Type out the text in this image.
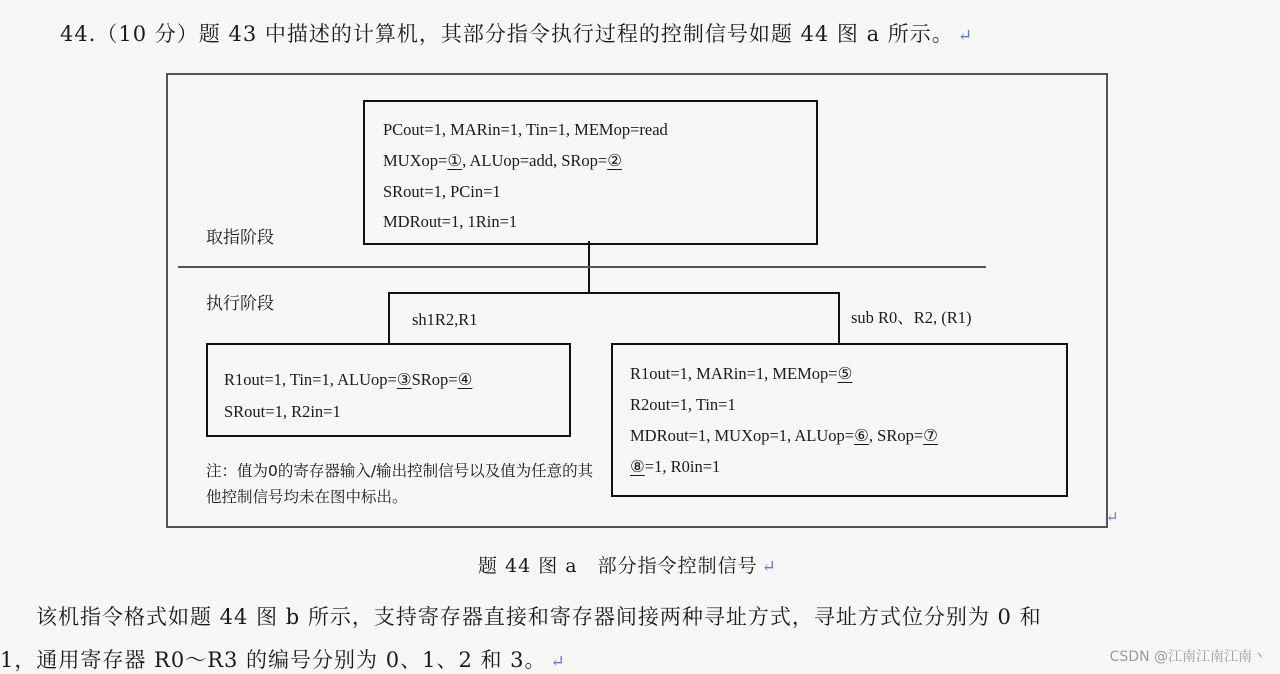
44.（10 分）题 43 中描述的计算机，其部分指令执行过程的控制信号如题 44 图 a 所示。 ↵
↵
PCout=1, MARin=1, Tin=1, MEMop=read
MUXop=①, ALUop=add, SRop=②
SRout=1, PCin=1
MDRout=1, 1Rin=1
取指阶段
执行阶段
sh1R2,R1	sub R0、R2, (R1)
R1out=1, Tin=1, ALUop=③SRop=④
SRout=1, R2in=1
R1out=1, MARin=1, MEMop=⑤
R2out=1, Tin=1
MDRout=1, MUXop=1, ALUop=⑥, SRop=⑦
⑧=1, R0in=1
注：值为0的寄存器输入/输出控制信号以及值为任意的其他控制信号均未在图中标出。
题 44 图 a　部分指令控制信号 ↵
该机指令格式如题 44 图 b 所示，支持寄存器直接和寄存器间接两种寻址方式，寻址方式位分别为 0 和
1，通用寄存器 R0～R3 的编号分别为 0、1、2 和 3。 ↵	CSDN @江南江南江南丶
